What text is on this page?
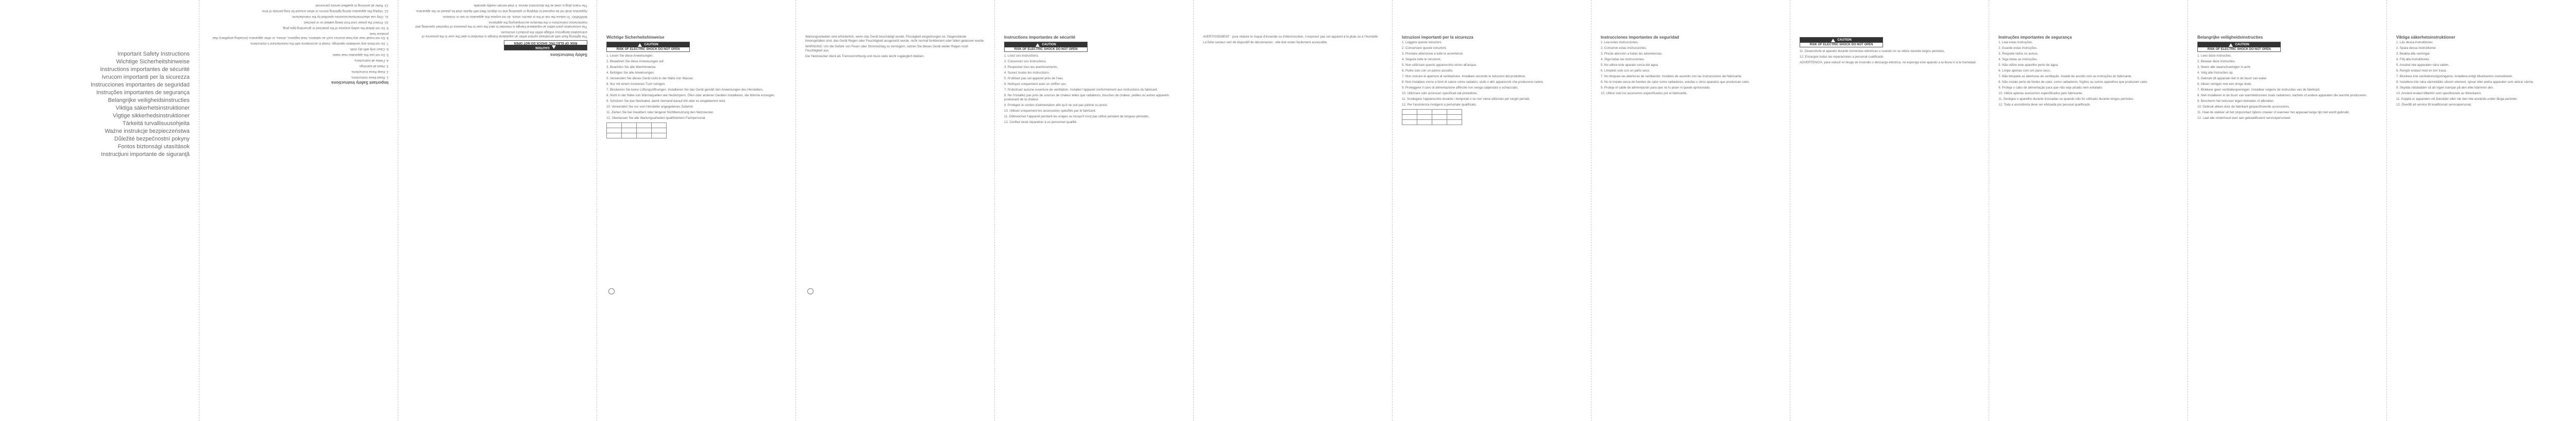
Important Safety Instructions

Wichtige Sicherheitshinweise

Instructions importantes de sécurité

Ivrucom importanti per la sicurezza

Instrucciones importantes de seguridad

Instruções importantes de segurança

Belangrijke veiligheidsinstructies

Viktiga säkerhetsinstruktioner

Vigtige sikkerhedsinstruktioner

Tärkeitä turvallisuusohjeita

Ważne instrukcje bezpieczeństwa

Důležité bezpečnostní pokyny

Fontos biztonsági utasítások

Instrucţiuni importante de siguranţă

Important Safety Instructions

1. Read these instructions.

2. Keep these instructions.

3. Heed all warnings.

4. Follow all instructions.

5. Do not use this apparatus near water.

6. Clean only with dry cloth.

7. Do not block any ventilation openings. Install in accordance with the manufacturer's instructions.

8. Do not install near any heat sources such as radiators, heat registers, stoves, or other apparatus (including amplifiers) that produce heat.

9. Do not defeat the safety purpose of the polarized or grounding-type plug.

10. Protect the power cord from being walked on or pinched.

11. Only use attachments/accessories specified by the manufacturer.

12. Unplug this apparatus during lightning storms or when unused for long periods of time.

13. Refer all servicing to qualified service personnel.

Safety Instructions

CAUTION
RISK OF ELECTRIC SHOCK DO NOT OPEN

The lightning flash with arrowhead symbol within an equilateral triangle is intended to alert the user to the presence of uninsulated dangerous voltage within the product's enclosure.

The exclamation point within an equilateral triangle is intended to alert the user to the presence of important operating and maintenance instructions in the literature accompanying the appliance.

WARNING: To reduce the risk of fire or electric shock, do not expose this apparatus to rain or moisture.

Apparatus shall not be exposed to dripping or splashing and no objects filled with liquids shall be placed on the apparatus.

The mains plug is used as the disconnect device; it shall remain readily operable.

Wichtige Sicherheitshinweise

CAUTION
RISK OF ELECTRIC SHOCK DO NOT OPEN

1. Lesen Sie diese Anweisungen.

2. Bewahren Sie diese Anweisungen auf.

3. Beachten Sie alle Warnhinweise.

4. Befolgen Sie alle Anweisungen.

5. Verwenden Sie dieses Gerät nicht in der Nähe von Wasser.

6. Nur mit einem trockenen Tuch reinigen.

7. Blockieren Sie keine Lüftungsöffnungen. Installieren Sie das Gerät gemäß den Anweisungen des Herstellers.

8. Nicht in der Nähe von Wärmequellen wie Heizkörpern, Öfen oder anderen Geräten installieren, die Wärme erzeugen.

9. Schützen Sie das Netzkabel, damit niemand darauf tritt oder es eingeklemmt wird.

10. Verwenden Sie nur vom Hersteller angegebenes Zubehör.

11. Ziehen Sie bei Gewittern oder längerer Nichtbenutzung den Netzstecker.

12. Überlassen Sie alle Wartungsarbeiten qualifiziertem Fachpersonal.

Wartungsarbeiten sind erforderlich, wenn das Gerät beschädigt wurde, Flüssigkeit eingedrungen ist, Gegenstände hineingefallen sind, das Gerät Regen oder Feuchtigkeit ausgesetzt wurde, nicht normal funktioniert oder fallen gelassen wurde.

WARNUNG: Um die Gefahr von Feuer oder Stromschlag zu verringern, setzen Sie dieses Gerät weder Regen noch Feuchtigkeit aus.

Der Netzstecker dient als Trennvorrichtung und muss stets leicht zugänglich bleiben.

Instructions importantes de sécurité

CAUTION
RISK OF ELECTRIC SHOCK DO NOT OPEN

1. Lisez ces instructions.

2. Conservez ces instructions.

3. Respectez tous les avertissements.

4. Suivez toutes les instructions.

5. N'utilisez pas cet appareil près de l'eau.

6. Nettoyez uniquement avec un chiffon sec.

7. N'obstruez aucune ouverture de ventilation. Installez l'appareil conformément aux instructions du fabricant.

8. Ne l'installez pas près de sources de chaleur telles que radiateurs, bouches de chaleur, poêles ou autres appareils produisant de la chaleur.

9. Protégez le cordon d'alimentation afin qu'il ne soit pas piétiné ou pincé.

10. Utilisez uniquement les accessoires spécifiés par le fabricant.

11. Débranchez l'appareil pendant les orages ou lorsqu'il n'est pas utilisé pendant de longues périodes.

12. Confiez toute réparation à un personnel qualifié.

AVERTISSEMENT : pour réduire le risque d'incendie ou d'électrocution, n'exposez pas cet appareil à la pluie ou à l'humidité.

La fiche secteur sert de dispositif de déconnexion ; elle doit rester facilement accessible.

Istruzioni importanti per la sicurezza

1. Leggere queste istruzioni.

2. Conservare queste istruzioni.

3. Prestare attenzione a tutte le avvertenze.

4. Seguire tutte le istruzioni.

5. Non utilizzare questo apparecchio vicino all'acqua.

6. Pulire solo con un panno asciutto.

7. Non ostruire le aperture di ventilazione. Installare secondo le istruzioni del produttore.

8. Non installare vicino a fonti di calore come radiatori, stufe o altri apparecchi che producono calore.

9. Proteggere il cavo di alimentazione affinché non venga calpestato o schiacciato.

10. Utilizzare solo accessori specificati dal produttore.

11. Scollegare l'apparecchio durante i temporali o se non viene utilizzato per lunghi periodi.

12. Per l'assistenza rivolgersi a personale qualificato.

Instrucciones importantes de seguridad

1. Lea estas instrucciones.

2. Conserve estas instrucciones.

3. Preste atención a todas las advertencias.

4. Siga todas las instrucciones.

5. No utilice este aparato cerca del agua.

6. Límpielo solo con un paño seco.

7. No bloquee las aberturas de ventilación. Instálelo de acuerdo con las instrucciones del fabricante.

8. No lo instale cerca de fuentes de calor como radiadores, estufas u otros aparatos que produzcan calor.

9. Proteja el cable de alimentación para que no lo pisen ni quede aprisionado.

10. Utilice solo los accesorios especificados por el fabricante.

CAUTION
RISK OF ELECTRIC SHOCK DO NOT OPEN

11. Desenchufe el aparato durante tormentas eléctricas o cuando no se utilice durante largos periodos.

12. Encargue todas las reparaciones a personal cualificado.

ADVERTENCIA: para reducir el riesgo de incendio o descarga eléctrica, no exponga este aparato a la lluvia ni a la humedad.

Instruções importantes de segurança

1. Leia estas instruções.

2. Guarde estas instruções.

3. Respeite todos os avisos.

4. Siga todas as instruções.

5. Não utilize este aparelho perto de água.

6. Limpe apenas com um pano seco.

7. Não bloqueie as aberturas de ventilação. Instale de acordo com as instruções do fabricante.

8. Não instale perto de fontes de calor, como radiadores, fogões ou outros aparelhos que produzam calor.

9. Proteja o cabo de alimentação para que não seja pisado nem entalado.

10. Utilize apenas acessórios especificados pelo fabricante.

11. Desligue o aparelho durante trovoadas ou quando não for utilizado durante longos períodos.

12. Toda a assistência deve ser efetuada por pessoal qualificado.

Belangrijke veiligheidsinstructies

CAUTION
RISK OF ELECTRIC SHOCK DO NOT OPEN

1. Lees deze instructies.

2. Bewaar deze instructies.

3. Neem alle waarschuwingen in acht.

4. Volg alle instructies op.

5. Gebruik dit apparaat niet in de buurt van water.

6. Alleen reinigen met een droge doek.

7. Blokkeer geen ventilatieopeningen. Installeer volgens de instructies van de fabrikant.

8. Niet installeren in de buurt van warmtebronnen zoals radiatoren, kachels of andere apparaten die warmte produceren.

9. Bescherm het netsnoer tegen betreden of afknellen.

10. Gebruik alleen door de fabrikant gespecificeerde accessoires.

11. Haal de stekker uit het stopcontact tijdens onweer of wanneer het apparaat lange tijd niet wordt gebruikt.

12. Laat alle onderhoud over aan gekwalificeerd servicepersoneel.

Viktiga säkerhetsinstruktioner

1. Läs dessa instruktioner.

2. Spara dessa instruktioner.

3. Beakta alla varningar.

4. Följ alla instruktioner.

5. Använd inte apparaten nära vatten.

6. Rengör endast med en torr trasa.

7. Blockera inte ventilationsöppningarna. Installera enligt tillverkarens instruktioner.

8. Installera inte nära värmekällor såsom element, spisar eller andra apparater som alstrar värme.

9. Skydda nätsladden så att ingen trampar på den eller klämmer den.

10. Använd endast tillbehör som specificerats av tillverkaren.

11. Koppla ur apparaten vid åskväder eller när den inte används under långa perioder.

12. Överlåt all service till kvalificerad servicepersonal.
